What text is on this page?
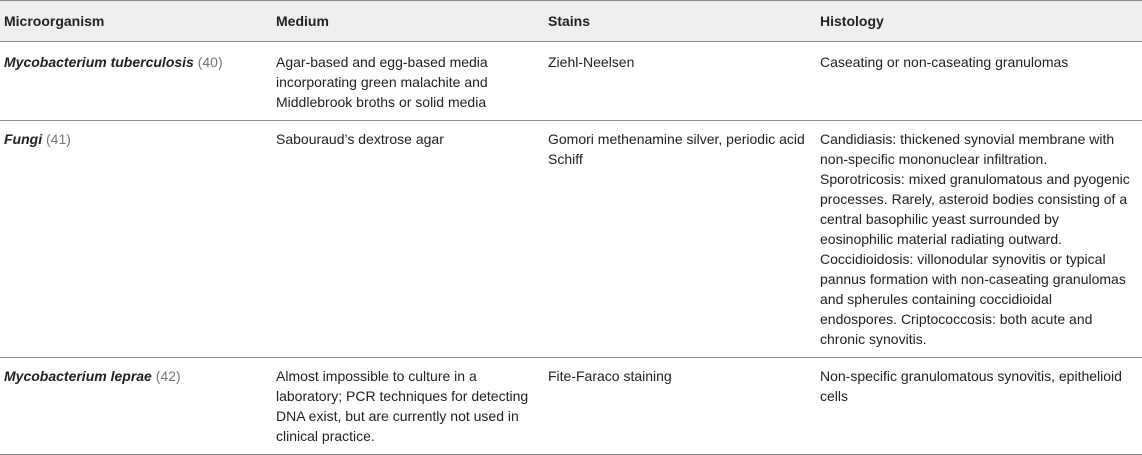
Microorganism	Medium	Stains	Histology
Mycobacterium tuberculosis (40)	Agar-based and egg-based media incorporating green malachite and Middlebrook broths or solid media	Ziehl-Neelsen	Caseating or non-caseating granulomas
Fungi (41)	Sabouraud’s dextrose agar	Gomori methenamine silver, periodic acid Schiff	Candidiasis: thickened synovial membrane with non-specific mononuclear infiltration. Sporotricosis: mixed granulomatous and pyogenic processes. Rarely, asteroid bodies consisting of a central basophilic yeast surrounded by eosinophilic material radiating outward. Coccidioidosis: villonodular synovitis or typical pannus formation with non-caseating granulomas and spherules containing coccidioidal endospores. Criptococcosis: both acute and chronic synovitis.
Mycobacterium leprae (42)	Almost impossible to culture in a laboratory; PCR techniques for detecting DNA exist, but are currently not used in clinical practice.	Fite-Faraco staining	Non-specific granulomatous synovitis, epithelioid cells
